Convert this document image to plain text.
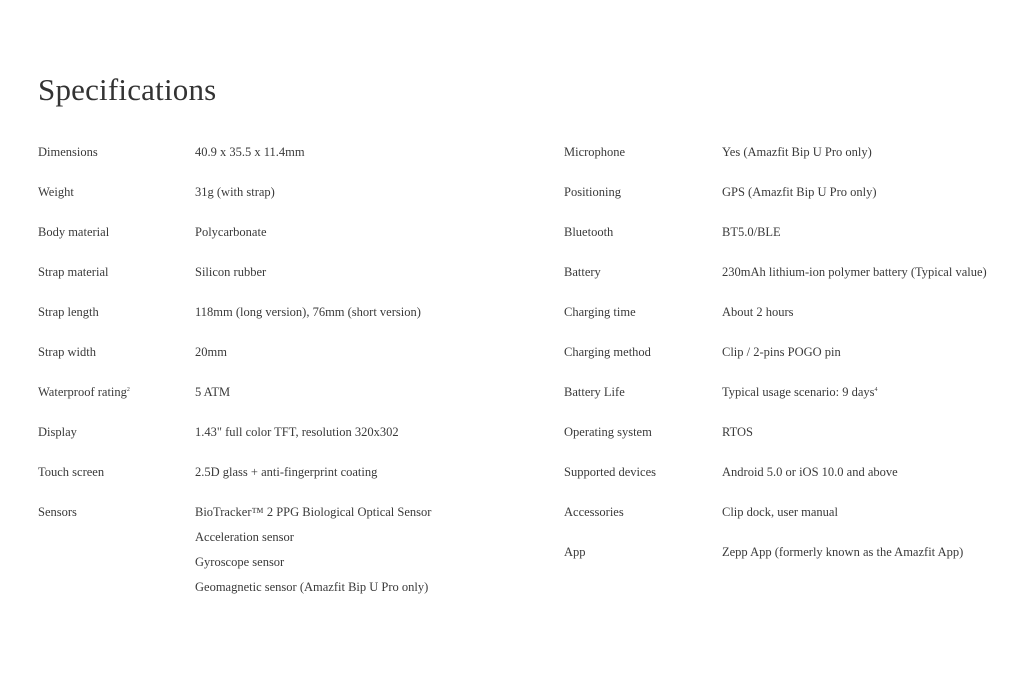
Specifications
Dimensions	40.9 x 35.5 x 11.4mm
Weight	31g (with strap)
Body material	Polycarbonate
Strap material	Silicon rubber
Strap length	118mm (long version), 76mm (short version)
Strap width	20mm
Waterproof rating$^2$	5 ATM
Display	1.43" full color TFT, resolution 320x302
Touch screen	2.5D glass + anti-fingerprint coating
Sensors	BioTracker™ 2 PPG Biological Optical Sensor
Acceleration sensor
Gyroscope sensor
Geomagnetic sensor (Amazfit Bip U Pro only)
Microphone	Yes (Amazfit Bip U Pro only)
Positioning	GPS (Amazfit Bip U Pro only)
Bluetooth	BT5.0/BLE
Battery	230mAh lithium-ion polymer battery (Typical value)
Charging time	About 2 hours
Charging method	Clip / 2-pins POGO pin
Battery Life	Typical usage scenario: 9 days$^4$
Operating system	RTOS
Supported devices	Android 5.0 or iOS 10.0 and above
Accessories	Clip dock, user manual
App	Zepp App (formerly known as the Amazfit App)
